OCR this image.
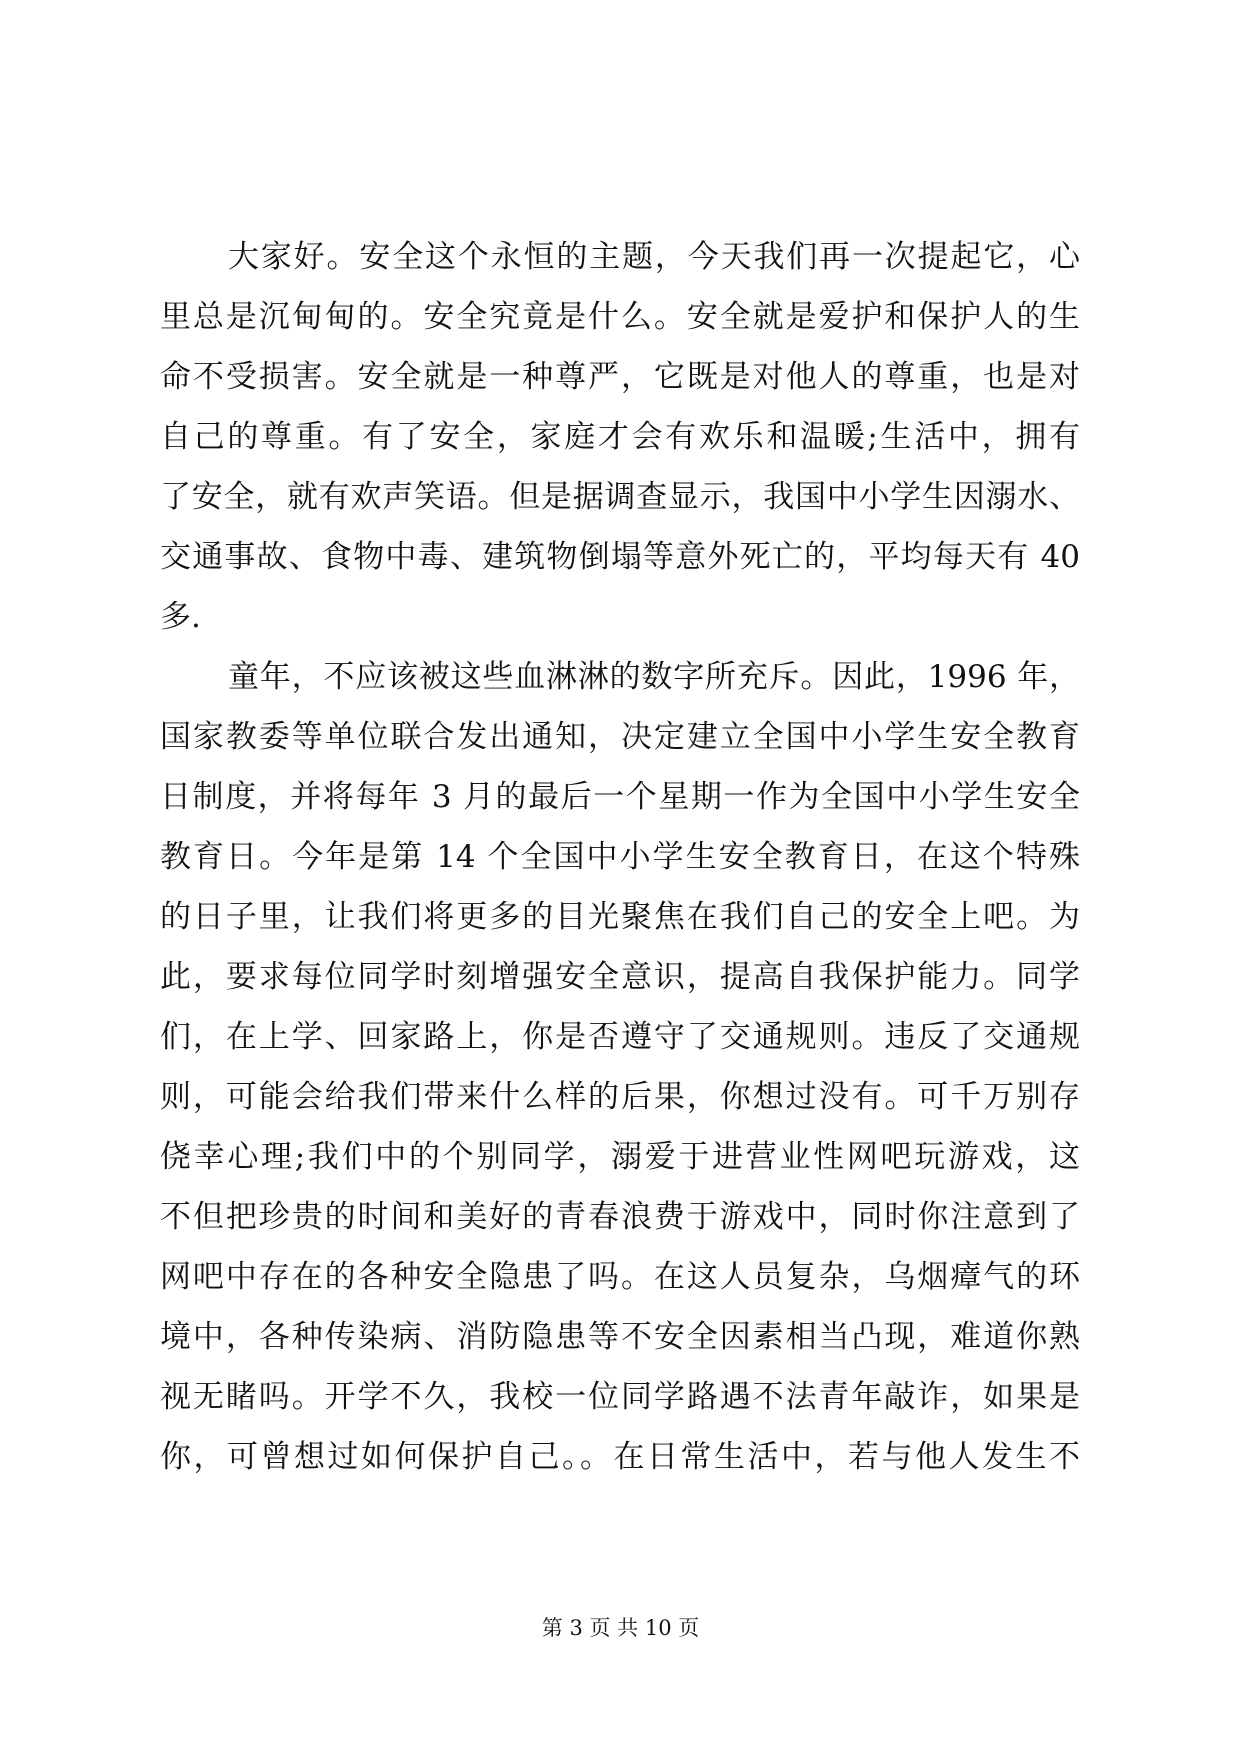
大家好。安全这个永恒的主题，今天我们再一次提起它，心
里总是沉甸甸的。安全究竟是什么。安全就是爱护和保护人的生
命不受损害。安全就是一种尊严，它既是对他人的尊重，也是对
自己的尊重。有了安全，家庭才会有欢乐和温暖;生活中，拥有
了安全，就有欢声笑语。但是据调查显示，我国中小学生因溺水、
交通事故、食物中毒、建筑物倒塌等意外死亡的，平均每天有 40
多.
童年，不应该被这些血淋淋的数字所充斥。因此，1996 年，
国家教委等单位联合发出通知，决定建立全国中小学生安全教育
日制度，并将每年 3 月的最后一个星期一作为全国中小学生安全
教育日。今年是第 14 个全国中小学生安全教育日，在这个特殊
的日子里，让我们将更多的目光聚焦在我们自己的安全上吧。为
此，要求每位同学时刻增强安全意识，提高自我保护能力。同学
们，在上学、回家路上，你是否遵守了交通规则。违反了交通规
则，可能会给我们带来什么样的后果，你想过没有。可千万别存
侥幸心理;我们中的个别同学，溺爱于进营业性网吧玩游戏，这
不但把珍贵的时间和美好的青春浪费于游戏中，同时你注意到了
网吧中存在的各种安全隐患了吗。在这人员复杂，乌烟瘴气的环
境中，各种传染病、消防隐患等不安全因素相当凸现，难道你熟
视无睹吗。开学不久，我校一位同学路遇不法青年敲诈，如果是
你，可曾想过如何保护自己。。在日常生活中，若与他人发生不
第 3 页 共 10 页
